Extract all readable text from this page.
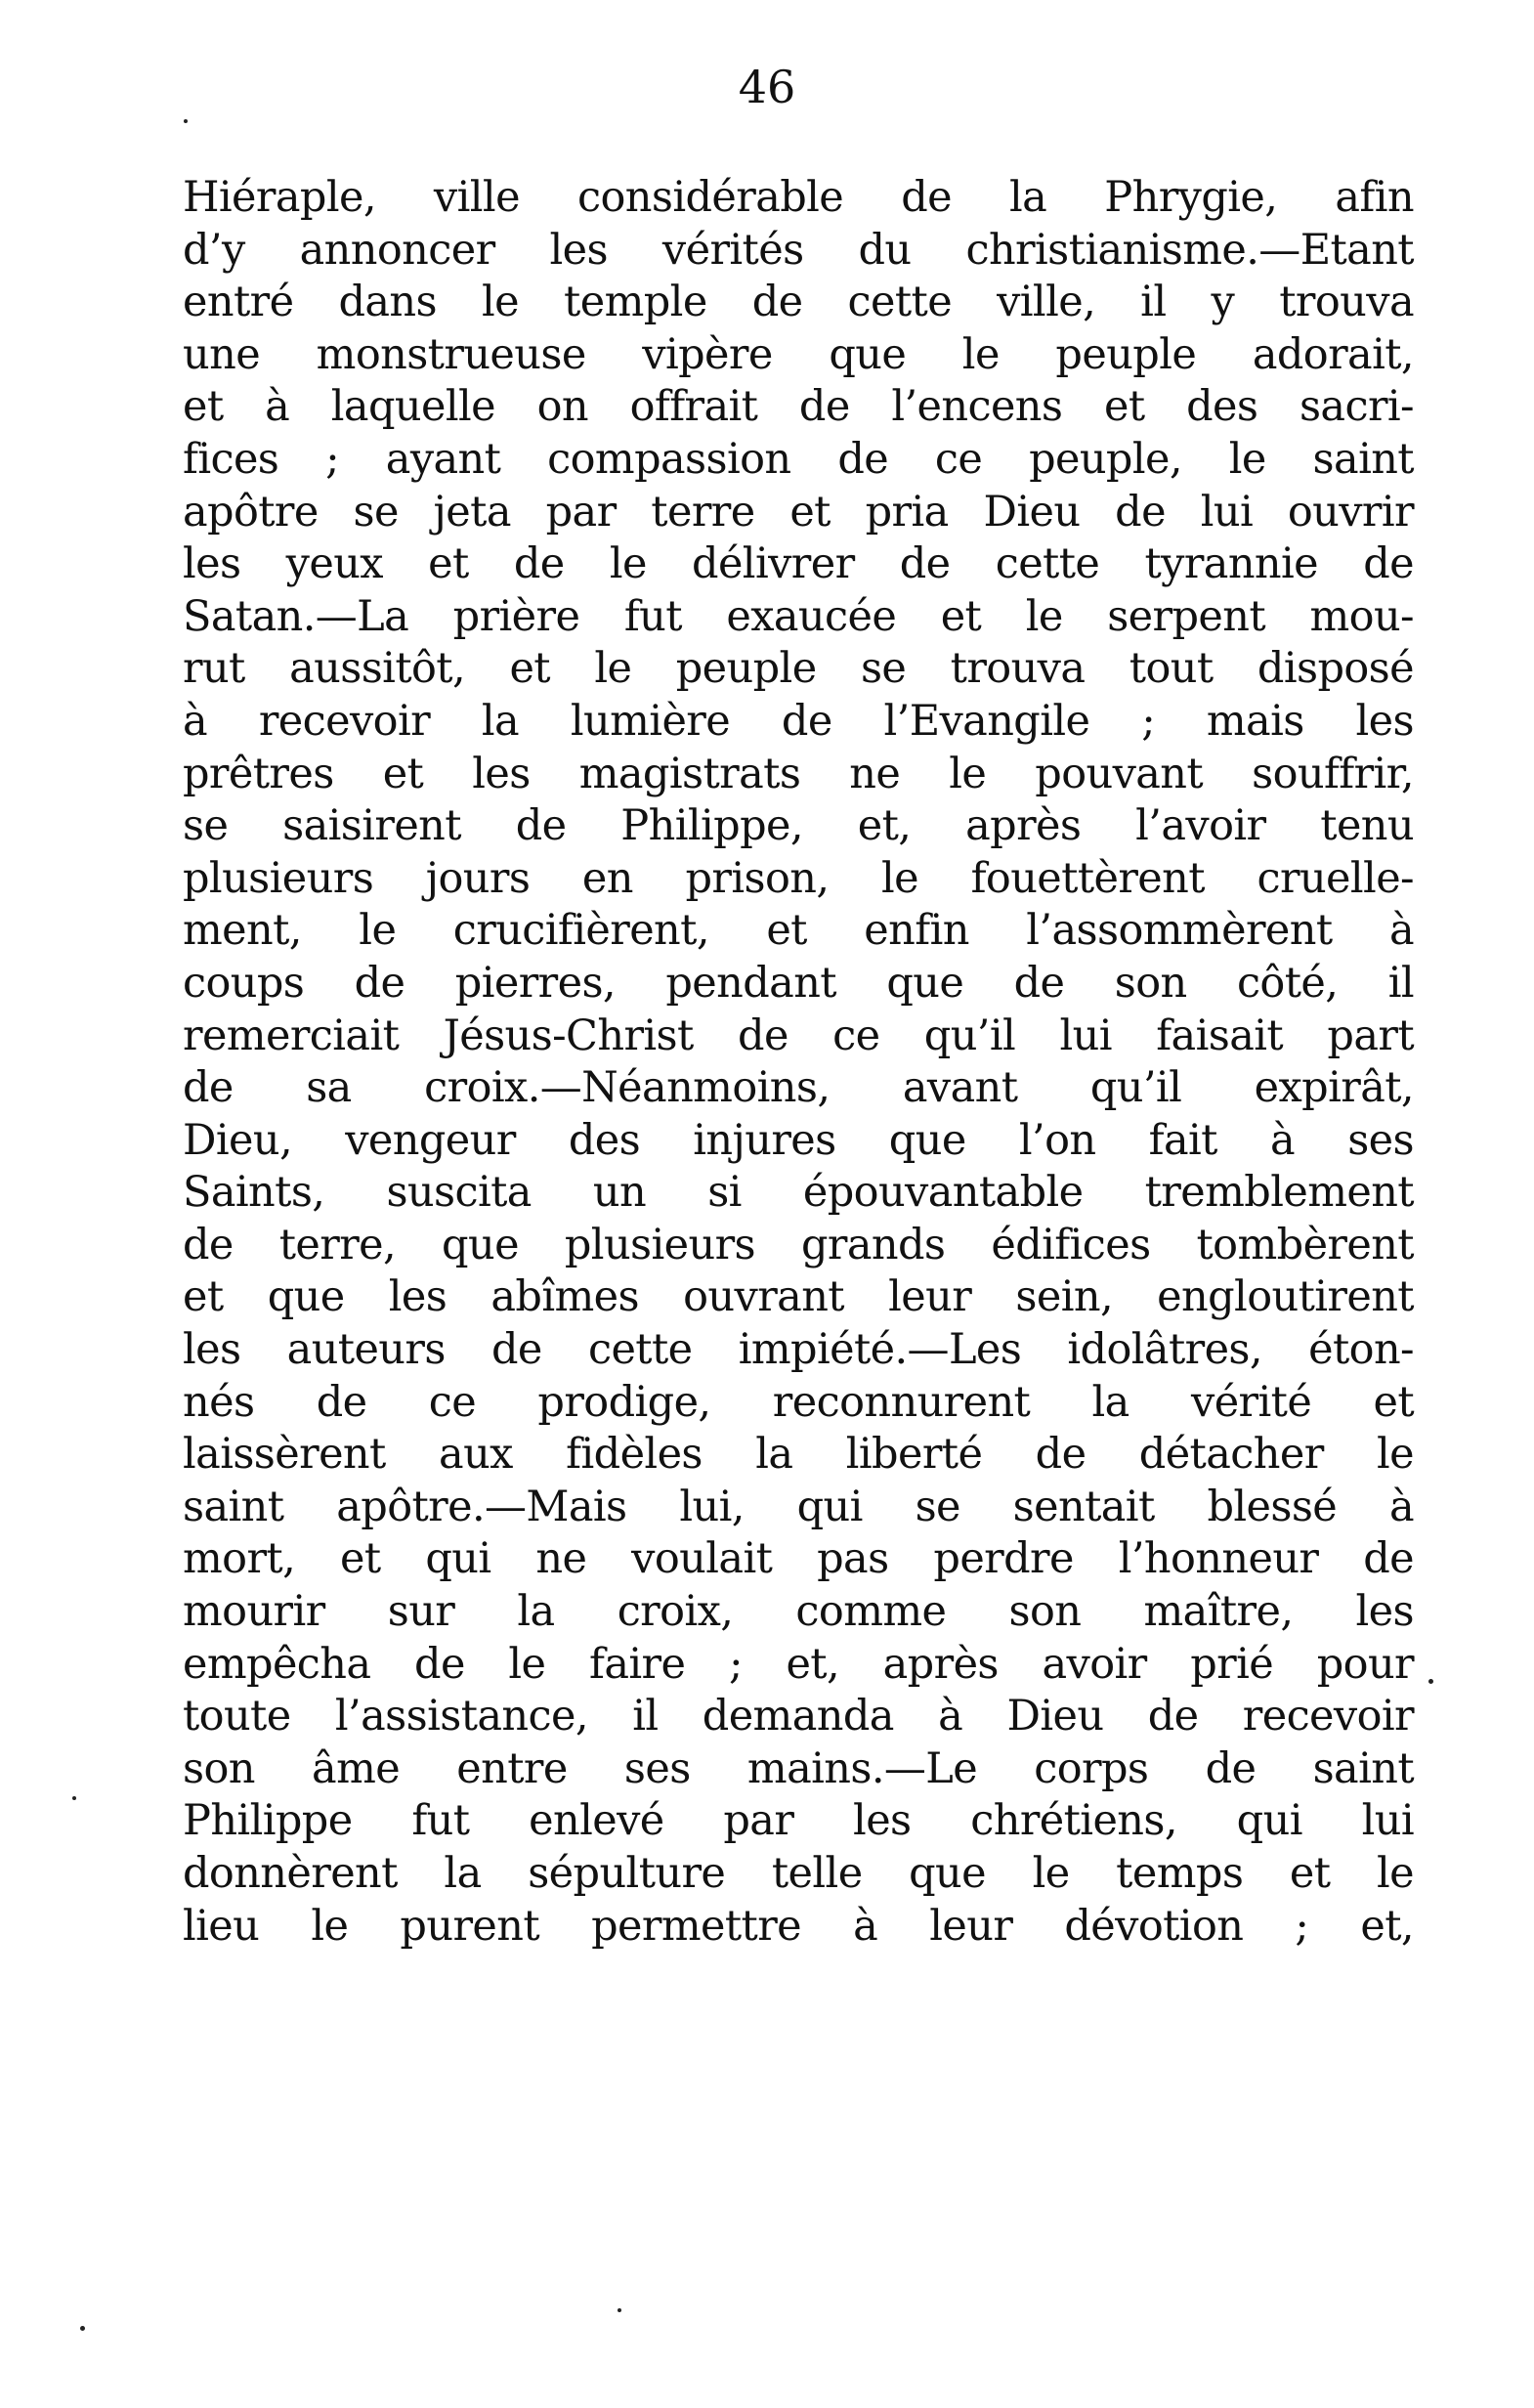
46
Hiéraple, ville considérable de la Phrygie, afin
d’y annoncer les vérités du christianisme.—Etant
entré dans le temple de cette ville, il y trouva
une monstrueuse vipère que le peuple adorait,
et à laquelle on offrait de l’encens et des sacri-
fices ; ayant compassion de ce peuple, le saint
apôtre se jeta par terre et pria Dieu de lui ouvrir
les yeux et de le délivrer de cette tyrannie de
Satan.—La prière fut exaucée et le serpent mou-
rut aussitôt, et le peuple se trouva tout disposé
à recevoir la lumière de l’Evangile ; mais les
prêtres et les magistrats ne le pouvant souffrir,
se saisirent de Philippe, et, après l’avoir tenu
plusieurs jours en prison, le fouettèrent cruelle-
ment, le crucifièrent, et enfin l’assommèrent à
coups de pierres, pendant que de son côté, il
remerciait Jésus-Christ de ce qu’il lui faisait part
de sa croix.—Néanmoins, avant qu’il expirât,
Dieu, vengeur des injures que l’on fait à ses
Saints, suscita un si épouvantable tremblement
de terre, que plusieurs grands édifices tombèrent
et que les abîmes ouvrant leur sein, engloutirent
les auteurs de cette impiété.—Les idolâtres, éton-
nés de ce prodige, reconnurent la vérité et
laissèrent aux fidèles la liberté de détacher le
saint apôtre.—Mais lui, qui se sentait blessé à
mort, et qui ne voulait pas perdre l’honneur de
mourir sur la croix, comme son maître, les
empêcha de le faire ; et, après avoir prié pour
toute l’assistance, il demanda à Dieu de recevoir
son âme entre ses mains.—Le corps de saint
Philippe fut enlevé par les chrétiens, qui lui
donnèrent la sépulture telle que le temps et le
lieu le purent permettre à leur dévotion ; et,
